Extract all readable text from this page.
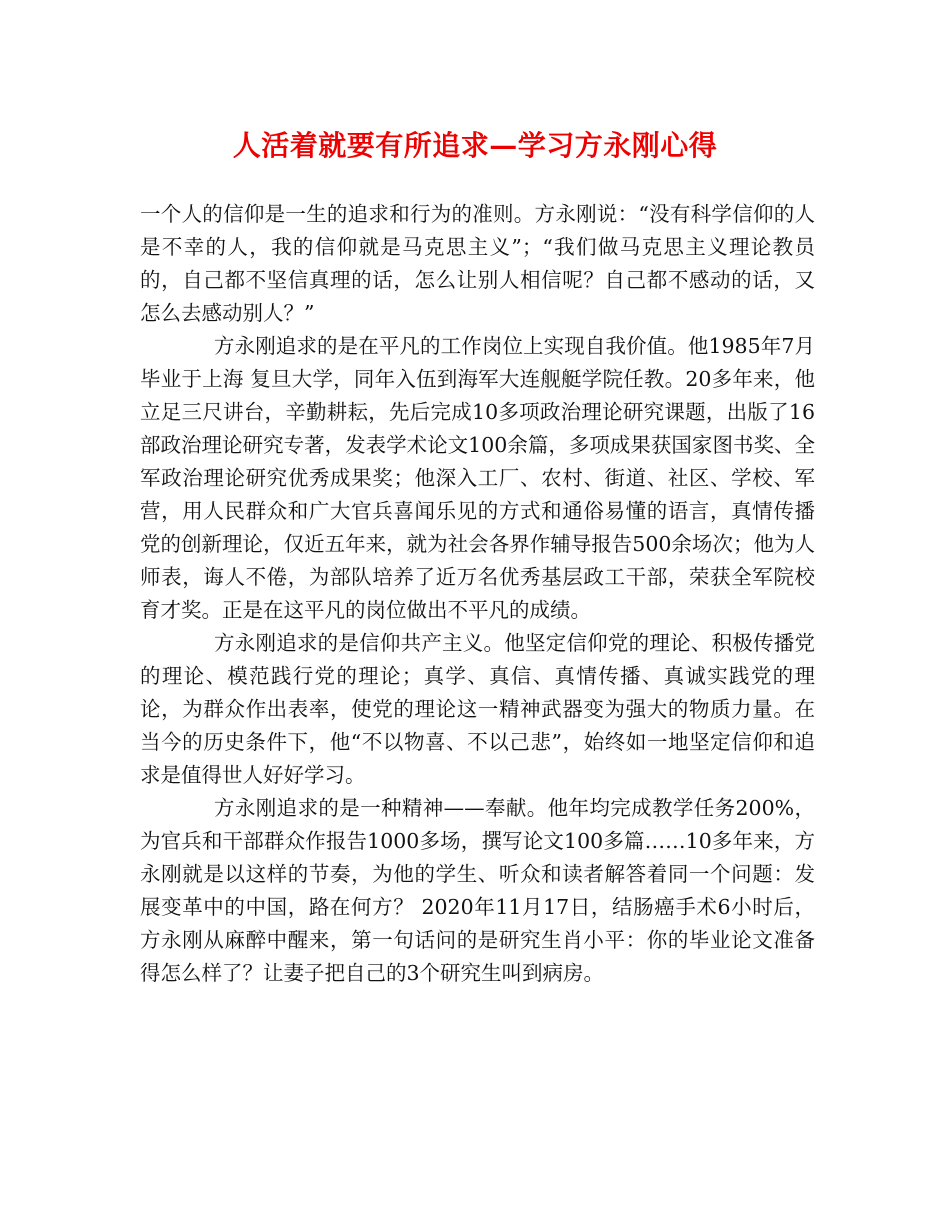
人活着就要有所追求—学习方永刚心得

一个人的信仰是一生的追求和行为的准则。方永刚说：“没有科学信仰的人是不幸的人，我的信仰就是马克思主义”；“我们做马克思主义理论教员的，自己都不坚信真理的话，怎么让别人相信呢？自己都不感动的话，又怎么去感动别人？”

方永刚追求的是在平凡的工作岗位上实现自我价值。他1985年7月毕业于上海 复旦大学，同年入伍到海军大连舰艇学院任教。20多年来，他立足三尺讲台，辛勤耕耘，先后完成10多项政治理论研究课题，出版了16部政治理论研究专著，发表学术论文100余篇，多项成果获国家图书奖、全军政治理论研究优秀成果奖；他深入工厂、农村、街道、社区、学校、军营，用人民群众和广大官兵喜闻乐见的方式和通俗易懂的语言，真情传播党的创新理论，仅近五年来，就为社会各界作辅导报告500余场次；他为人师表，诲人不倦，为部队培养了近万名优秀基层政工干部，荣获全军院校育才奖。正是在这平凡的岗位做出不平凡的成绩。

方永刚追求的是信仰共产主义。他坚定信仰党的理论、积极传播党的理论、模范践行党的理论；真学、真信、真情传播、真诚实践党的理论，为群众作出表率，使党的理论这一精神武器变为强大的物质力量。在当今的历史条件下，他“不以物喜、不以己悲”，始终如一地坚定信仰和追求是值得世人好好学习。

方永刚追求的是一种精神——奉献。他年均完成教学任务200%，为官兵和干部群众作报告1000多场，撰写论文100多篇……10多年来，方永刚就是以这样的节奏，为他的学生、听众和读者解答着同一个问题：发展变革中的中国，路在何方？ 2020年11月17日，结肠癌手术6小时后，方永刚从麻醉中醒来，第一句话问的是研究生肖小平：你的毕业论文准备得怎么样了？让妻子把自己的3个研究生叫到病房。
